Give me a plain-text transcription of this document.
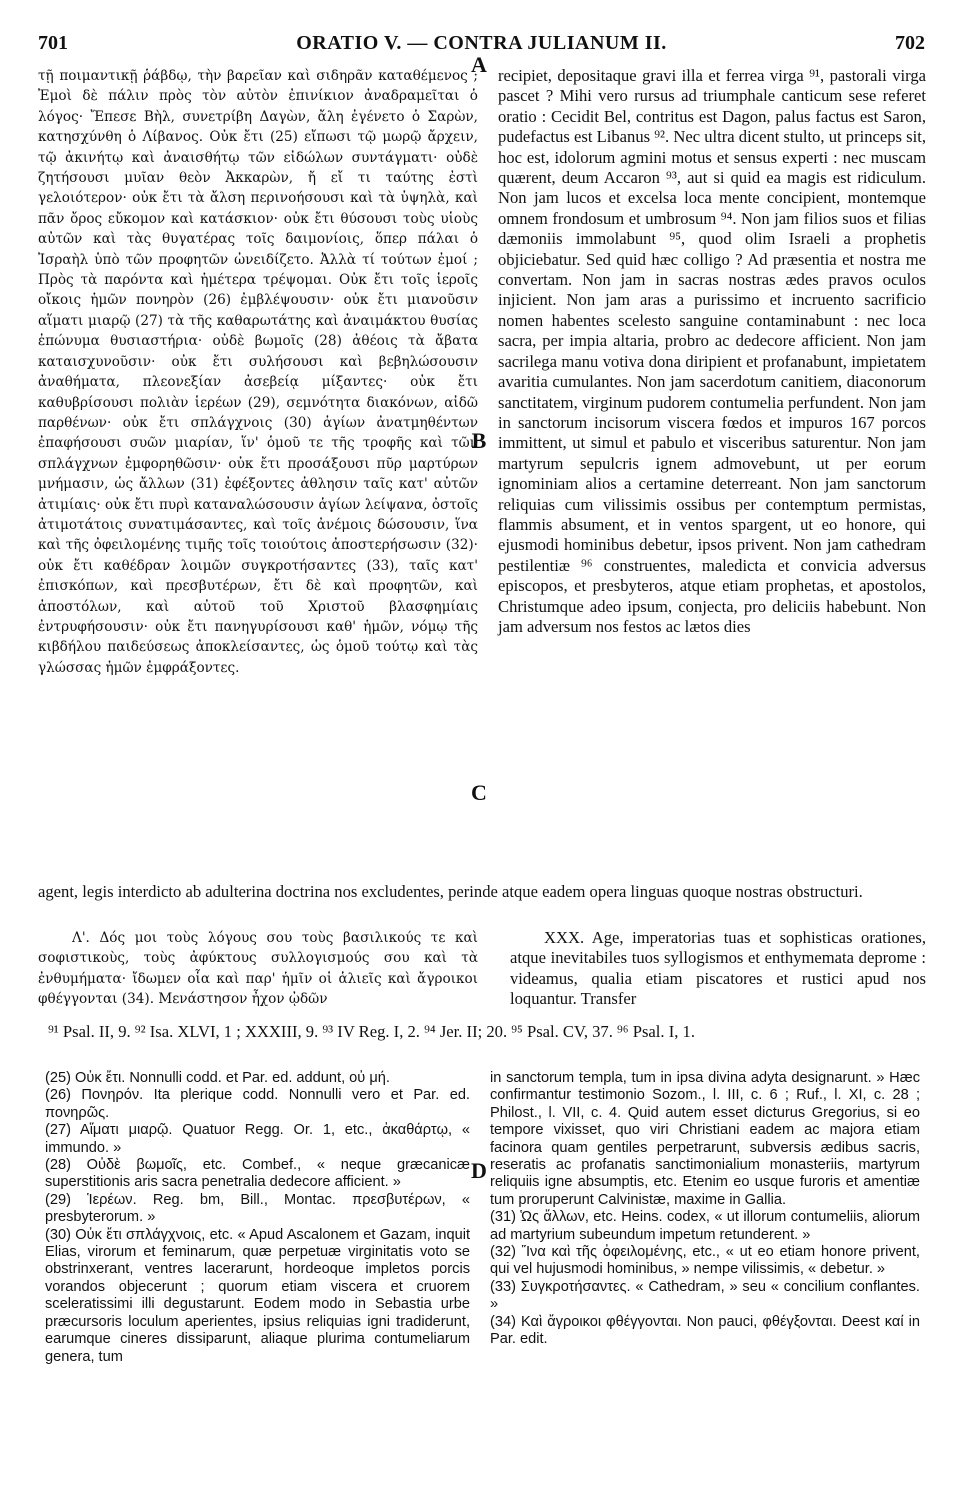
701	ORATIO V. — CONTRA JULIANUM II.	702

τῇ ποιμαντικῇ ῥάβδῳ, τὴν βαρεῖαν καὶ σιδηρᾶν καταθέμενος ; Ἐμοὶ δὲ πάλιν πρὸς τὸν αὐτὸν ἐπινίκιον ἀναδραμεῖται ὁ λόγος· Ἔπεσε Βὴλ, συνετρίβη Δαγὼν, ἄλη ἐγένετο ὁ Σαρὼν, κατησχύνθη ὁ Λίβανος. Οὐκ ἔτι (25) εἴπωσι τῷ μωρῷ ἄρχειν, τῷ ἀκινήτῳ καὶ ἀναισθήτῳ τῶν εἰδώλων συντάγματι· οὐδὲ ζητήσουσι μυῖαν θεὸν Ἀκκαρὼν, ἤ εἴ τι ταύτης ἐστὶ γελοιότερον· οὐκ ἔτι τὰ ἄλση περινοήσουσι καὶ τὰ ὑψηλὰ, καὶ πᾶν ὄρος εὔκομον καὶ κατάσκιον· οὐκ ἔτι θύσουσι τοὺς υἱοὺς αὐτῶν καὶ τὰς θυγατέρας τοῖς δαιμονίοις, ὅπερ πάλαι ὁ Ἰσραὴλ ὑπὸ τῶν προφητῶν ὠνειδίζετο. Ἀλλὰ τί τούτων ἐμοί ; Πρὸς τὰ παρόντα καὶ ἡμέτερα τρέψομαι. Οὐκ ἔτι τοῖς ἱεροῖς οἴκοις ἡμῶν πονηρὸν (26) ἐμβλέψουσιν· οὐκ ἔτι μιανοῦσιν αἵματι μιαρῷ (27) τὰ τῆς καθαρωτάτης καὶ ἀναιμάκτου θυσίας ἐπώνυμα θυσιαστήρια· οὐδὲ βωμοῖς (28) ἀθέοις τὰ ἄβατα καταισχυνοῦσιν· οὐκ ἔτι συλήσουσι καὶ βεβηλώσουσιν ἀναθήματα, πλεονεξίαν ἀσεβείᾳ μίξαντες· οὐκ ἔτι καθυβρίσουσι πολιὰν ἱερέων (29), σεμνότητα διακόνων, αἰδῶ παρθένων· οὐκ ἔτι σπλάγχνοις (30) ἁγίων ἀνατμηθέντων ἐπαφήσουσι συῶν μιαρίαν, ἵν' ὁμοῦ τε τῆς τροφῆς καὶ τῶν σπλάγχνων ἐμφορηθῶσιν· οὐκ ἔτι προσάξουσι πῦρ μαρτύρων μνήμασιν, ὡς ἄλλων (31) ἐφέξοντες ἀθλησιν ταῖς κατ' αὐτῶν ἀτιμίαις· οὐκ ἔτι πυρὶ καταναλώσουσιν ἁγίων λείψανα, ὀστοῖς ἀτιμοτάτοις συνατιμάσαντες, καὶ τοῖς ἀνέμοις δώσουσιν, ἵνα καὶ τῆς ὀφειλομένης τιμῆς τοῖς τοιούτοις ἀποστερήσωσιν (32)· οὐκ ἔτι καθέδραν λοιμῶν συγκροτήσαντες (33), ταῖς κατ' ἐπισκόπων, καὶ πρεσβυτέρων, ἔτι δὲ καὶ προφητῶν, καὶ ἀποστόλων, καὶ αὐτοῦ τοῦ Χριστοῦ βλασφημίαις ἐντρυφήσουσιν· οὐκ ἔτι πανηγυρίσουσι καθ' ἡμῶν, νόμῳ τῆς κιβδήλου παιδεύσεως ἀποκλείσαντες, ὡς ὁμοῦ τούτῳ καὶ τὰς γλώσσας ἡμῶν ἐμφράξοντες.

A
B
C
D

recipiet, depositaque gravi illa et ferrea virga ⁹¹, pastorali virga pascet ? Mihi vero rursus ad triumphale canticum sese referet oratio : Cecidit Bel, contritus est Dagon, palus factus est Saron, pudefactus est Libanus ⁹². Nec ultra dicent stulto, ut princeps sit, hoc est, idolorum agmini motus et sensus experti : nec muscam quærent, deum Accaron ⁹³, aut si quid ea magis est ridiculum. Non jam lucos et excelsa loca mente concipient, montemque omnem frondosum et umbrosum ⁹⁴. Non jam filios suos et filias dæmoniis immolabunt ⁹⁵, quod olim Israeli a prophetis objiciebatur. Sed quid hæc colligo ? Ad præsentia et nostra me convertam. Non jam in sacras nostras ædes pravos oculos injicient. Non jam aras a purissimo et incruento sacrificio nomen habentes scelesto sanguine contaminabunt : nec loca sacra, per impia altaria, probro ac dedecore afficient. Non jam sacrilega manu votiva dona diripient et profanabunt, impietatem avaritia cumulantes. Non jam sacerdotum canitiem, diaconorum sanctitatem, virginum pudorem contumelia perfundent. Non jam in sanctorum incisorum viscera fœdos et impuros 167 porcos immittent, ut simul et pabulo et visceribus saturentur. Non jam martyrum sepulcris ignem admovebunt, ut per eorum ignominiam alios a certamine deterreant. Non jam sanctorum reliquias cum vilissimis ossibus per contemptum permistas, flammis absument, et in ventos spargent, ut eo honore, qui ejusmodi hominibus debetur, ipsos privent. Non jam cathedram pestilentiæ ⁹⁶ construentes, maledicta et convicia adversus episcopos, et presbyteros, atque etiam prophetas, et apostolos, Christumque adeo ipsum, conjecta, pro deliciis habebunt. Non jam adversum nos festos ac lætos dies

agent, legis interdicto ab adulterina doctrina nos excludentes, perinde atque eadem opera linguas quoque nostras obstructuri.

Λ'. Δός μοι τοὺς λόγους σου τοὺς βασιλικούς τε καὶ σοφιστικοὺς, τοὺς ἀφύκτους συλλογισμούς σου καὶ τὰ ἐνθυμήματα· ἴδωμεν οἷα καὶ παρ' ἡμῖν οἱ ἁλιεῖς καὶ ἄγροικοι φθέγγονται (34). Μενάστησον ἦχον ᾠδῶν

XXX. Age, imperatorias tuas et sophisticas orationes, atque inevitabiles tuos syllogismos et enthymemata depromе : videamus, qualia etiam piscatores et rustici apud nos loquantur. Transfer

⁹¹ Psal. II, 9. ⁹² Isa. XLVI, 1 ; XXXIII, 9. ⁹³ IV Reg. I, 2. ⁹⁴ Jer. II; 20. ⁹⁵ Psal. CV, 37. ⁹⁶ Psal. I, 1.

(25) Οὐκ ἔτι. Nonnulli codd. et Par. ed. addunt, οὐ μή.

(26) Πονηρόν. Ita plerique codd. Nonnulli vero et Par. ed. πονηρῶς.

(27) Αἵματι μιαρῷ. Quatuor Regg. Or. 1, etc., ἀκαθάρτῳ, « immundo. »

(28) Οὐδὲ βωμοῖς, etc. Combef., « neque græcanicæ superstitionis aris sacra penetralia dedecore afficient. »

(29) Ἱερέων. Reg. bm, Bill., Montac. πρεσβυτέρων, « presbyterorum. »

(30) Οὐκ ἔτι σπλάγχνοις, etc. « Apud Ascalonem et Gazam, inquit Elias, virorum et feminarum, quæ perpetuæ virginitatis voto se obstrinxerant, ventres lacerarunt, hordeoque impletos porcis vorandos objecerunt ; quorum etiam viscera et cruorem sceleratissimi illi degustarunt. Eodem modo in Sebastia urbe præcursoris loculum aperientes, ipsius reliquias igni tradiderunt, earumque cineres dissiparunt, aliaque plurima contumeliarum genera, tum

in sanctorum templa, tum in ipsa divina adyta designarunt. » Hæc confirmantur testimonio Sozom., l. III, c. 6 ; Ruf., l. XI, c. 28 ; Philost., l. VII, c. 4. Quid autem esset dicturus Gregorius, si eo tempore vixisset, quo viri Christiani eadem ac majora etiam facinora quam gentiles perpetrarunt, subversis ædibus sacris, reseratis ac profanatis sanctimonialium monasteriis, martyrum reliquiis igne absumptis, etc. Etenim eo usque furoris et amentiæ tum proruperunt Calvinistæ, maxime in Gallia.

(31) Ὡς ἄλλων, etc. Heins. codex, « ut illorum contumeliis, aliorum ad martyrium subeundum impetum retunderent. »

(32) Ἵνα καὶ τῆς ὀφειλομένης, etc., « ut eo etiam honore privent, qui vel hujusmodi hominibus, » nempe vilissimis, « debetur. »

(33) Συγκροτήσαντες. « Cathedram, » seu « concilium conflantes. »

(34) Καὶ ἄγροικοι φθέγγονται. Non pauci, φθέγξονται. Deest καί in Par. edit.
